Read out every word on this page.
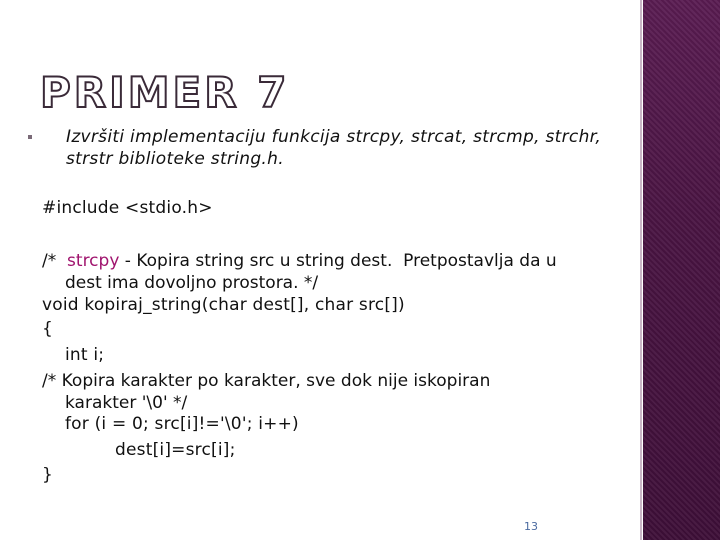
PRIMER 7
Izvršiti implementaciju funkcija strcpy, strcat, strcmp, strchr, strstr biblioteke string.h.
#include <stdio.h>
/*  strcpy - Kopira string src u string dest.  Pretpostavlja da u
dest ima dovoljno prostora. */
void kopiraj_string(char dest[], char src[])
{
int i;
/* Kopira karakter po karakter, sve dok nije iskopiran
karakter '\0' */
for (i = 0; src[i]!='\0'; i++)
dest[i]=src[i];
}
13
